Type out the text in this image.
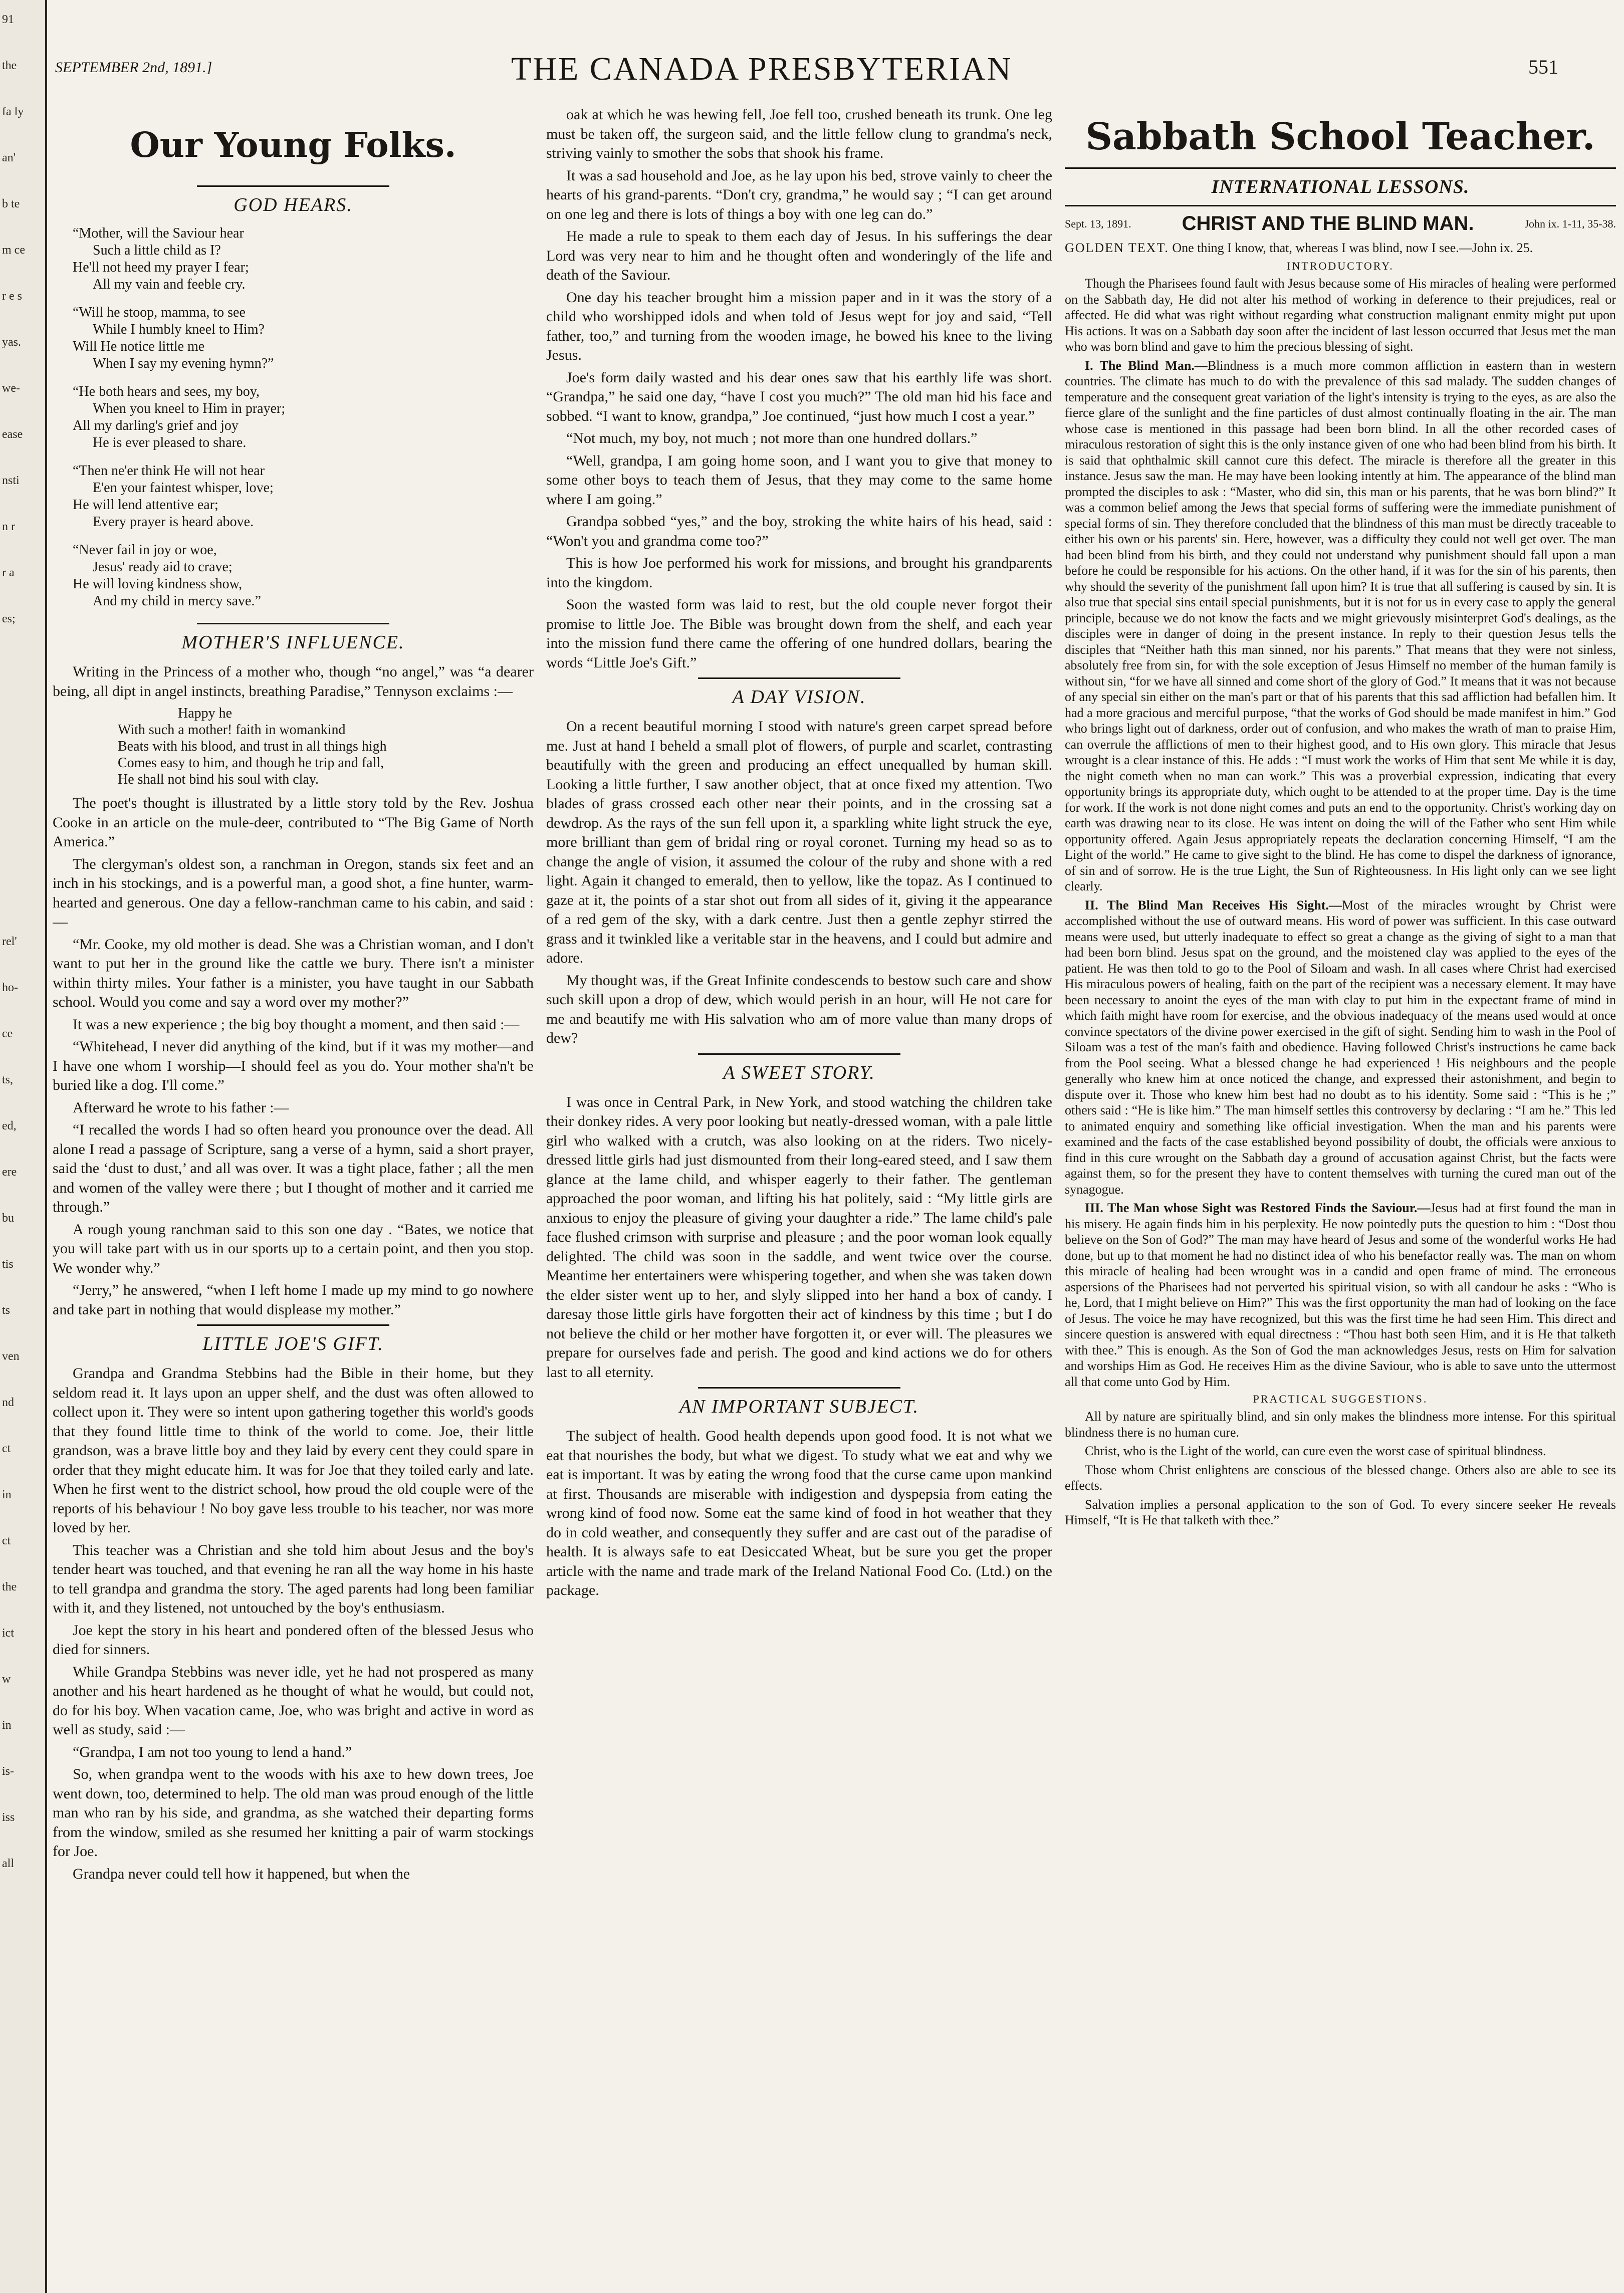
91
the
fa ly
an'
b te
m ce
r e s
yas.
we-
ease
nsti
n r
r a
es;
rel'
ho-
ce
ts,
ed,
ere
bu
tis
ts
ven
nd
ct
in
ct
the
ict
w
in
is-
iss
all
SEPTEMBER 2nd, 1891.]	THE CANADA PRESBYTERIAN	551
Our Young Folks.
GOD HEARS.
“Mother, will the Saviour hear
Such a little child as I?
He'll not heed my prayer I fear;
All my vain and feeble cry.
“Will he stoop, mamma, to see
While I humbly kneel to Him?
Will He notice little me
When I say my evening hymn?”
“He both hears and sees, my boy,
When you kneel to Him in prayer;
All my darling's grief and joy
He is ever pleased to share.
“Then ne'er think He will not hear
E'en your faintest whisper, love;
He will lend attentive ear;
Every prayer is heard above.
“Never fail in joy or woe,
Jesus' ready aid to crave;
He will loving kindness show,
And my child in mercy save.”
MOTHER'S INFLUENCE.

Writing in the Princess of a mother who, though “no angel,” was “a dearer being, all dipt in angel instincts, breathing Paradise,” Tennyson exclaims :—

Happy he
With such a mother! faith in womankind
Beats with his blood, and trust in all things high
Comes easy to him, and though he trip and fall,
He shall not bind his soul with clay.

The poet's thought is illustrated by a little story told by the Rev. Joshua Cooke in an article on the mule-deer, contributed to “The Big Game of North America.”

The clergyman's oldest son, a ranchman in Oregon, stands six feet and an inch in his stockings, and is a powerful man, a good shot, a fine hunter, warm-hearted and generous. One day a fellow-ranchman came to his cabin, and said :—

“Mr. Cooke, my old mother is dead. She was a Christian woman, and I don't want to put her in the ground like the cattle we bury. There isn't a minister within thirty miles. Your father is a minister, you have taught in our Sabbath school. Would you come and say a word over my mother?”

It was a new experience ; the big boy thought a moment, and then said :—

“Whitehead, I never did anything of the kind, but if it was my mother—and I have one whom I worship—I should feel as you do. Your mother sha'n't be buried like a dog. I'll come.”

Afterward he wrote to his father :—

“I recalled the words I had so often heard you pronounce over the dead. All alone I read a passage of Scripture, sang a verse of a hymn, said a short prayer, said the ‘dust to dust,’ and all was over. It was a tight place, father ; all the men and women of the valley were there ; but I thought of mother and it carried me through.”

A rough young ranchman said to this son one day . “Bates, we notice that you will take part with us in our sports up to a certain point, and then you stop. We wonder why.”

“Jerry,” he answered, “when I left home I made up my mind to go nowhere and take part in nothing that would displease my mother.”

LITTLE JOE'S GIFT.

Grandpa and Grandma Stebbins had the Bible in their home, but they seldom read it. It lays upon an upper shelf, and the dust was often allowed to collect upon it. They were so intent upon gathering together this world's goods that they found little time to think of the world to come. Joe, their little grandson, was a brave little boy and they laid by every cent they could spare in order that they might educate him. It was for Joe that they toiled early and late. When he first went to the district school, how proud the old couple were of the reports of his behaviour ! No boy gave less trouble to his teacher, nor was more loved by her.

This teacher was a Christian and she told him about Jesus and the boy's tender heart was touched, and that evening he ran all the way home in his haste to tell grandpa and grandma the story. The aged parents had long been familiar with it, and they listened, not untouched by the boy's enthusiasm.

Joe kept the story in his heart and pondered often of the blessed Jesus who died for sinners.

While Grandpa Stebbins was never idle, yet he had not prospered as many another and his heart hardened as he thought of what he would, but could not, do for his boy. When vacation came, Joe, who was bright and active in word as well as study, said :—

“Grandpa, I am not too young to lend a hand.”

So, when grandpa went to the woods with his axe to hew down trees, Joe went down, too, determined to help. The old man was proud enough of the little man who ran by his side, and grandma, as she watched their departing forms from the window, smiled as she resumed her knitting a pair of warm stockings for Joe.

Grandpa never could tell how it happened, but when the

oak at which he was hewing fell, Joe fell too, crushed beneath its trunk. One leg must be taken off, the surgeon said, and the little fellow clung to grandma's neck, striving vainly to smother the sobs that shook his frame.

It was a sad household and Joe, as he lay upon his bed, strove vainly to cheer the hearts of his grand-parents. “Don't cry, grandma,” he would say ; “I can get around on one leg and there is lots of things a boy with one leg can do.”

He made a rule to speak to them each day of Jesus. In his sufferings the dear Lord was very near to him and he thought often and wonderingly of the life and death of the Saviour.

One day his teacher brought him a mission paper and in it was the story of a child who worshipped idols and when told of Jesus wept for joy and said, “Tell father, too,” and turning from the wooden image, he bowed his knee to the living Jesus.

Joe's form daily wasted and his dear ones saw that his earthly life was short. “Grandpa,” he said one day, “have I cost you much?” The old man hid his face and sobbed. “I want to know, grandpa,” Joe continued, “just how much I cost a year.”

“Not much, my boy, not much ; not more than one hundred dollars.”

“Well, grandpa, I am going home soon, and I want you to give that money to some other boys to teach them of Jesus, that they may come to the same home where I am going.”

Grandpa sobbed “yes,” and the boy, stroking the white hairs of his head, said : “Won't you and grandma come too?”

This is how Joe performed his work for missions, and brought his grandparents into the kingdom.

Soon the wasted form was laid to rest, but the old couple never forgot their promise to little Joe. The Bible was brought down from the shelf, and each year into the mission fund there came the offering of one hundred dollars, bearing the words “Little Joe's Gift.”

A DAY VISION.

On a recent beautiful morning I stood with nature's green carpet spread before me. Just at hand I beheld a small plot of flowers, of purple and scarlet, contrasting beautifully with the green and producing an effect unequalled by human skill. Looking a little further, I saw another object, that at once fixed my attention. Two blades of grass crossed each other near their points, and in the crossing sat a dewdrop. As the rays of the sun fell upon it, a sparkling white light struck the eye, more brilliant than gem of bridal ring or royal coronet. Turning my head so as to change the angle of vision, it assumed the colour of the ruby and shone with a red light. Again it changed to emerald, then to yellow, like the topaz. As I continued to gaze at it, the points of a star shot out from all sides of it, giving it the appearance of a red gem of the sky, with a dark centre. Just then a gentle zephyr stirred the grass and it twinkled like a veritable star in the heavens, and I could but admire and adore.

My thought was, if the Great Infinite condescends to bestow such care and show such skill upon a drop of dew, which would perish in an hour, will He not care for me and beautify me with His salvation who am of more value than many drops of dew?

A SWEET STORY.

I was once in Central Park, in New York, and stood watching the children take their donkey rides. A very poor looking but neatly-dressed woman, with a pale little girl who walked with a crutch, was also looking on at the riders. Two nicely-dressed little girls had just dismounted from their long-eared steed, and I saw them glance at the lame child, and whisper eagerly to their father. The gentleman approached the poor woman, and lifting his hat politely, said : “My little girls are anxious to enjoy the pleasure of giving your daughter a ride.” The lame child's pale face flushed crimson with surprise and pleasure ; and the poor woman look equally delighted. The child was soon in the saddle, and went twice over the course. Meantime her entertainers were whispering together, and when she was taken down the elder sister went up to her, and slyly slipped into her hand a box of candy. I daresay those little girls have forgotten their act of kindness by this time ; but I do not believe the child or her mother have forgotten it, or ever will. The pleasures we prepare for ourselves fade and perish. The good and kind actions we do for others last to all eternity.

AN IMPORTANT SUBJECT.

The subject of health. Good health depends upon good food. It is not what we eat that nourishes the body, but what we digest. To study what we eat and why we eat is important. It was by eating the wrong food that the curse came upon mankind at first. Thousands are miserable with indigestion and dyspepsia from eating the wrong kind of food now. Some eat the same kind of food in hot weather that they do in cold weather, and consequently they suffer and are cast out of the paradise of health. It is always safe to eat Desiccated Wheat, but be sure you get the proper article with the name and trade mark of the Ireland National Food Co. (Ltd.) on the package.

Sabbath School Teacher.
INTERNATIONAL LESSONS.
Sept. 13, 1891.	CHRIST AND THE BLIND MAN.	John ix. 1-11, 35-38.
GOLDEN TEXT. One thing I know, that, whereas I was blind, now I see.—John ix. 25.
INTRODUCTORY.

Though the Pharisees found fault with Jesus because some of His miracles of healing were performed on the Sabbath day, He did not alter his method of working in deference to their prejudices, real or affected. He did what was right without regarding what construction malignant enmity might put upon His actions. It was on a Sabbath day soon after the incident of last lesson occurred that Jesus met the man who was born blind and gave to him the precious blessing of sight.

I. The Blind Man.—Blindness is a much more common affliction in eastern than in western countries. The climate has much to do with the prevalence of this sad malady. The sudden changes of temperature and the consequent great variation of the light's intensity is trying to the eyes, as are also the fierce glare of the sunlight and the fine particles of dust almost continually floating in the air. The man whose case is mentioned in this passage had been born blind. In all the other recorded cases of miraculous restoration of sight this is the only instance given of one who had been blind from his birth. It is said that ophthalmic skill cannot cure this defect. The miracle is therefore all the greater in this instance. Jesus saw the man. He may have been looking intently at him. The appearance of the blind man prompted the disciples to ask : “Master, who did sin, this man or his parents, that he was born blind?” It was a common belief among the Jews that special forms of suffering were the immediate punishment of special forms of sin. They therefore concluded that the blindness of this man must be directly traceable to either his own or his parents' sin. Here, however, was a difficulty they could not well get over. The man had been blind from his birth, and they could not understand why punishment should fall upon a man before he could be responsible for his actions. On the other hand, if it was for the sin of his parents, then why should the severity of the punishment fall upon him? It is true that all suffering is caused by sin. It is also true that special sins entail special punishments, but it is not for us in every case to apply the general principle, because we do not know the facts and we might grievously misinterpret God's dealings, as the disciples were in danger of doing in the present instance. In reply to their question Jesus tells the disciples that “Neither hath this man sinned, nor his parents.” That means that they were not sinless, absolutely free from sin, for with the sole exception of Jesus Himself no member of the human family is without sin, “for we have all sinned and come short of the glory of God.” It means that it was not because of any special sin either on the man's part or that of his parents that this sad affliction had befallen him. It had a more gracious and merciful purpose, “that the works of God should be made manifest in him.” God who brings light out of darkness, order out of confusion, and who makes the wrath of man to praise Him, can overrule the afflictions of men to their highest good, and to His own glory. This miracle that Jesus wrought is a clear instance of this. He adds : “I must work the works of Him that sent Me while it is day, the night cometh when no man can work.” This was a proverbial expression, indicating that every opportunity brings its appropriate duty, which ought to be attended to at the proper time. Day is the time for work. If the work is not done night comes and puts an end to the opportunity. Christ's working day on earth was drawing near to its close. He was intent on doing the will of the Father who sent Him while opportunity offered. Again Jesus appropriately repeats the declaration concerning Himself, “I am the Light of the world.” He came to give sight to the blind. He has come to dispel the darkness of ignorance, of sin and of sorrow. He is the true Light, the Sun of Righteousness. In His light only can we see light clearly.

II. The Blind Man Receives His Sight.—Most of the miracles wrought by Christ were accomplished without the use of outward means. His word of power was sufficient. In this case outward means were used, but utterly inadequate to effect so great a change as the giving of sight to a man that had been born blind. Jesus spat on the ground, and the moistened clay was applied to the eyes of the patient. He was then told to go to the Pool of Siloam and wash. In all cases where Christ had exercised His miraculous powers of healing, faith on the part of the recipient was a necessary element. It may have been necessary to anoint the eyes of the man with clay to put him in the expectant frame of mind in which faith might have room for exercise, and the obvious inadequacy of the means used would at once convince spectators of the divine power exercised in the gift of sight. Sending him to wash in the Pool of Siloam was a test of the man's faith and obedience. Having followed Christ's instructions he came back from the Pool seeing. What a blessed change he had experienced ! His neighbours and the people generally who knew him at once noticed the change, and expressed their astonishment, and begin to dispute over it. Those who knew him best had no doubt as to his identity. Some said : “This is he ;” others said : “He is like him.” The man himself settles this controversy by declaring : “I am he.” This led to animated enquiry and something like official investigation. When the man and his parents were examined and the facts of the case established beyond possibility of doubt, the officials were anxious to find in this cure wrought on the Sabbath day a ground of accusation against Christ, but the facts were against them, so for the present they have to content themselves with turning the cured man out of the synagogue.

III. The Man whose Sight was Restored Finds the Saviour.—Jesus had at first found the man in his misery. He again finds him in his perplexity. He now pointedly puts the question to him : “Dost thou believe on the Son of God?” The man may have heard of Jesus and some of the wonderful works He had done, but up to that moment he had no distinct idea of who his benefactor really was. The man on whom this miracle of healing had been wrought was in a candid and open frame of mind. The erroneous aspersions of the Pharisees had not perverted his spiritual vision, so with all candour he asks : “Who is he, Lord, that I might believe on Him?” This was the first opportunity the man had of looking on the face of Jesus. The voice he may have recognized, but this was the first time he had seen Him. This direct and sincere question is answered with equal directness : “Thou hast both seen Him, and it is He that talketh with thee.” This is enough. As the Son of God the man acknowledges Jesus, rests on Him for salvation and worships Him as God. He receives Him as the divine Saviour, who is able to save unto the uttermost all that come unto God by Him.

PRACTICAL SUGGESTIONS.

All by nature are spiritually blind, and sin only makes the blindness more intense. For this spiritual blindness there is no human cure.

Christ, who is the Light of the world, can cure even the worst case of spiritual blindness.

Those whom Christ enlightens are conscious of the blessed change. Others also are able to see its effects.

Salvation implies a personal application to the son of God. To every sincere seeker He reveals Himself, “It is He that talketh with thee.”
